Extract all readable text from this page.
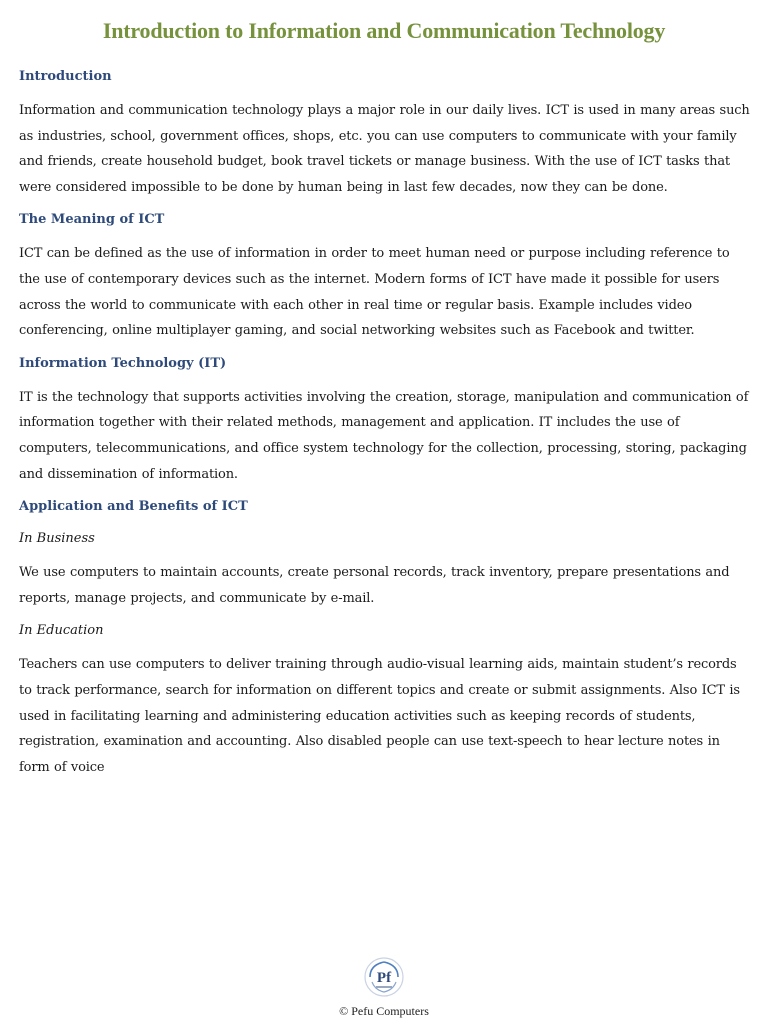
Introduction to Information and Communication Technology
Introduction

Information and communication technology plays a major role in our daily lives. ICT is used in many areas such as industries, school, government offices, shops, etc. you can use computers to communicate with your family and friends, create household budget, book travel tickets or manage business. With the use of ICT tasks that were considered impossible to be done by human being in last few decades, now they can be done.

The Meaning of ICT

ICT can be defined as the use of information in order to meet human need or purpose including reference to the use of contemporary devices such as the internet. Modern forms of ICT have made it possible for users across the world to communicate with each other in real time or regular basis. Example includes video conferencing, online multiplayer gaming, and social networking websites such as Facebook and twitter.

Information Technology (IT)

IT is the technology that supports activities involving the creation, storage, manipulation and communication of information together with their related methods, management and application. IT includes the use of computers, telecommunications, and office system technology for the collection, processing, storing, packaging and dissemination of information.

Application and Benefits of ICT
In Business

We use computers to maintain accounts, create personal records, track inventory, prepare presentations and reports, manage projects, and communicate by e-mail.

In Education

Teachers can use computers to deliver training through audio-visual learning aids, maintain student’s records to track performance, search for information on different topics and create or submit assignments. Also ICT is used in facilitating learning and administering education activities such as keeping records of students, registration, examination and accounting. Also disabled people can use text-speech to hear lecture notes in form of voice

Pf
© Pefu Computers
